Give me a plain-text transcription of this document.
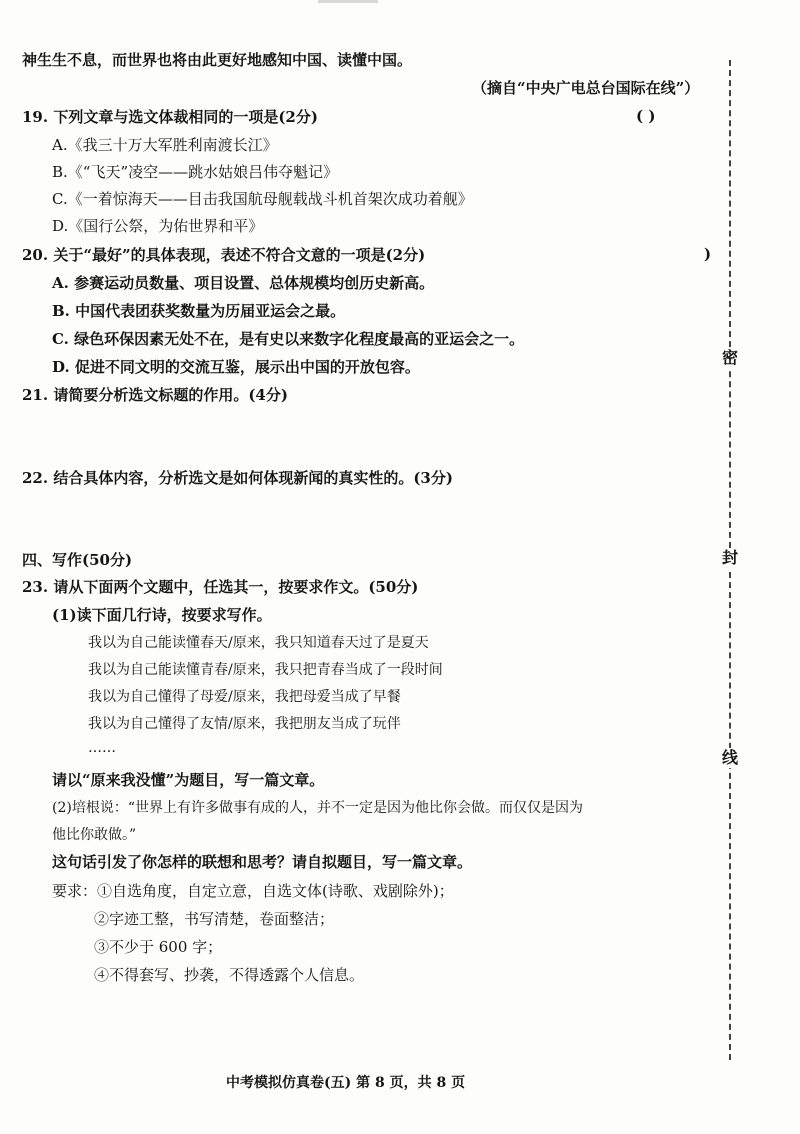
神生生不息，而世界也将由此更好地感知中国、读懂中国。
（摘自“中央广电总台国际在线”）
19. 下列文章与选文体裁相同的一项是(2分)	( )
A.《我三十万大军胜利南渡长江》
B.《“飞天”凌空——跳水姑娘吕伟夺魁记》
C.《一着惊海天——目击我国航母舰载战斗机首架次成功着舰》
D.《国行公祭，为佑世界和平》
20. 关于“最好”的具体表现，表述不符合文意的一项是(2分)	)
A. 参赛运动员数量、项目设置、总体规模均创历史新高。
B. 中国代表团获奖数量为历届亚运会之最。
C. 绿色环保因素无处不在，是有史以来数字化程度最高的亚运会之一。
D. 促进不同文明的交流互鉴，展示出中国的开放包容。
21. 请简要分析选文标题的作用。(4分)
22. 结合具体内容，分析选文是如何体现新闻的真实性的。(3分)
四、写作(50分)
23. 请从下面两个文题中，任选其一，按要求作文。(50分)
(1)读下面几行诗，按要求写作。
我以为自己能读懂春天/原来，我只知道春天过了是夏天
我以为自己能读懂青春/原来，我只把青春当成了一段时间
我以为自己懂得了母爱/原来，我把母爱当成了早餐
我以为自己懂得了友情/原来，我把朋友当成了玩伴
……
请以“原来我没懂”为题目，写一篇文章。
(2)培根说：“世界上有许多做事有成的人，并不一定是因为他比你会做。而仅仅是因为
他比你敢做。”
这句话引发了你怎样的联想和思考？请自拟题目，写一篇文章。
要求：①自选角度，自定立意，自选文体(诗歌、戏剧除外)；
②字迹工整，书写清楚，卷面整洁；
③不少于 600 字；
④不得套写、抄袭，不得透露个人信息。
密
封
线
中考模拟仿真卷(五) 第 8 页，共 8 页
